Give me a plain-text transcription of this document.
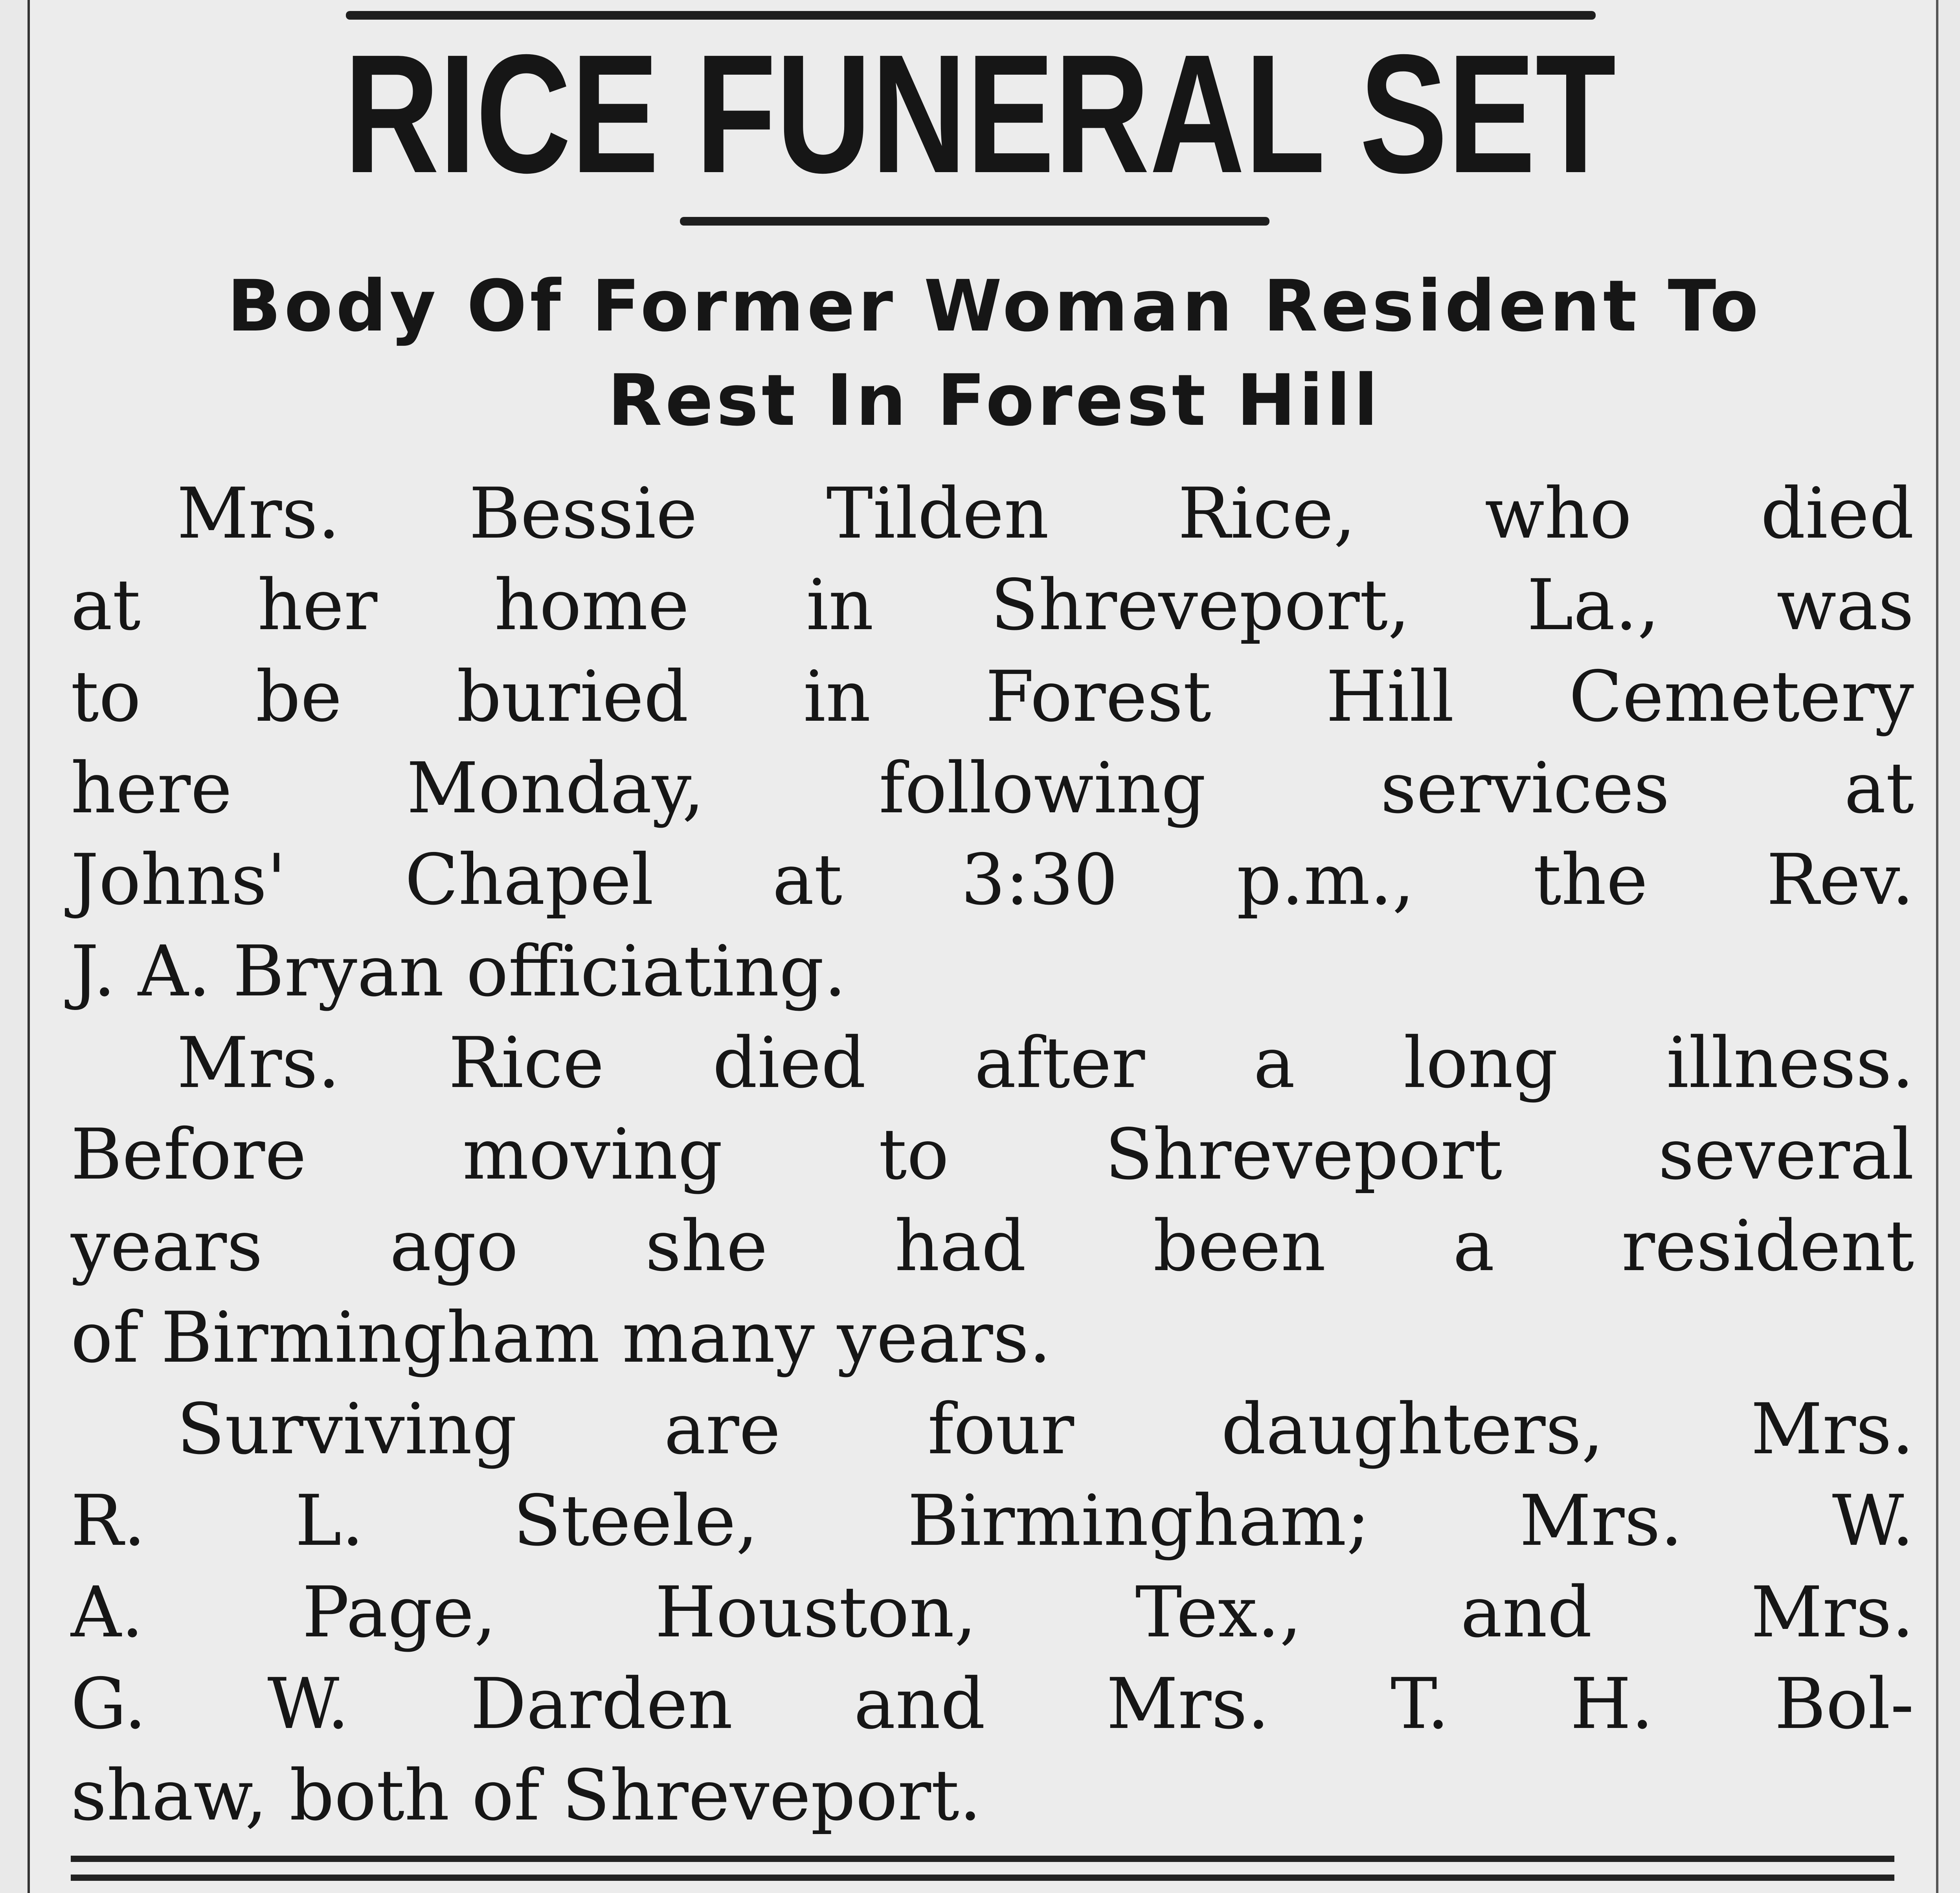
RICE FUNERAL SET
Body Of Former Woman Resident To
Rest In Forest Hill
Mrs. Bessie Tilden Rice, who died
at her home in Shreveport, La., was
to be buried in Forest Hill Cemetery
here Monday, following services at
Johns' Chapel at 3:30 p.m., the Rev.
J. A. Bryan officiating.
Mrs. Rice died after a long illness.
Before moving to Shreveport several
years ago she had been a resident
of Birmingham many years.
Surviving are four daughters, Mrs.
R. L. Steele, Birmingham; Mrs. W.
A. Page, Houston, Tex., and Mrs.
G. W. Darden and Mrs. T. H. Bol-
shaw, both of Shreveport.
